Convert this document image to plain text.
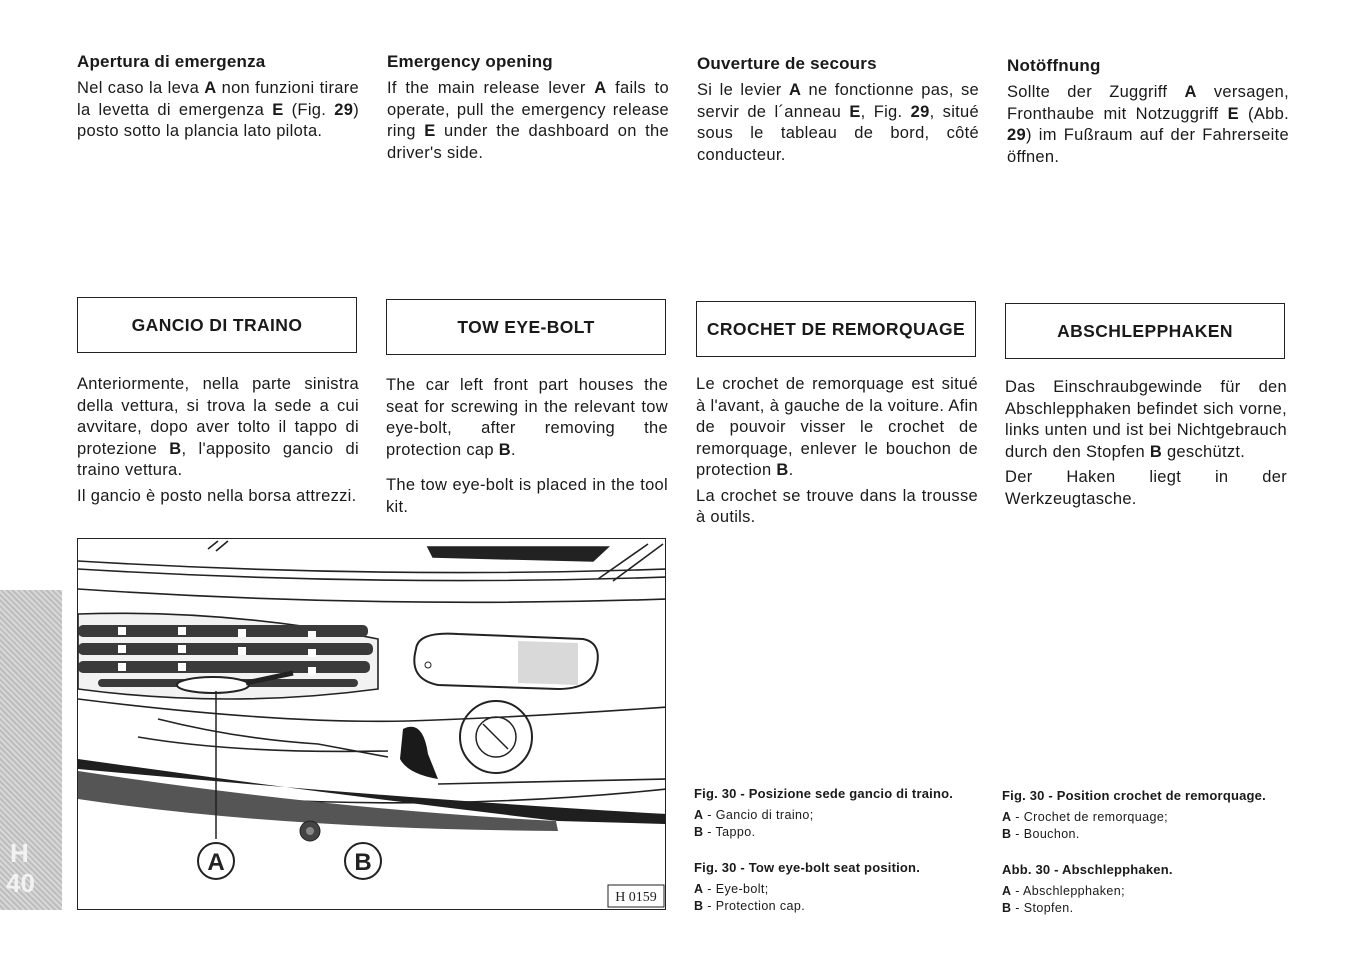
Apertura di emergenza

Nel caso la leva A non funzioni tirare la levetta di emergenza E (Fig. 29) posto sotto la plancia lato pilota.

Emergency opening

If the main release lever A fails to operate, pull the emergency release ring E under the dashboard on the driver's side.

Ouverture de secours

Si le levier A ne fonctionne pas, se servir de l´anneau E, Fig. 29, situé sous le tableau de bord, côté conducteur.

Notöffnung

Sollte der Zuggriff A versagen, Fronthaube mit Notzuggriff E (Abb. 29) im Fußraum auf der Fahrerseite öffnen.

GANCIO DI TRAINO	TOW EYE-BOLT	CROCHET DE REMORQUAGE	ABSCHLEPPHAKEN

Anteriormente, nella parte sinistra della vettura, si trova la sede a cui avvitare, dopo aver tolto il tappo di protezione B, l'apposito gancio di traino vettura.

Il gancio è posto nella borsa attrezzi.

The car left front part houses the seat for screwing in the relevant tow eye-bolt, after removing the protection cap B.

The tow eye-bolt is placed in the tool kit.

Le crochet de remorquage est situé à l'avant, à gauche de la voiture. Afin de pouvoir visser le crochet de remorquage, enlever le bouchon de protection B.

La crochet se trouve dans la trousse à outils.

Das Einschraubgewinde für den Abschlepphaken befindet sich vorne, links unten und ist bei Nichtgebrauch durch den Stopfen B geschützt.

Der Haken liegt in der Werkzeugtasche.

A	B
H 0159
Fig. 30 - Posizione sede gancio di traino.

A - Gancio di traino;

B - Tappo.

Fig. 30 - Tow eye-bolt seat position.

A - Eye-bolt;

B - Protection cap.

Fig. 30 - Position crochet de remorquage.

A - Crochet de remorquage;

B - Bouchon.

Abb. 30 - Abschlepphaken.

A - Abschlepphaken;

B - Stopfen.

H
40
